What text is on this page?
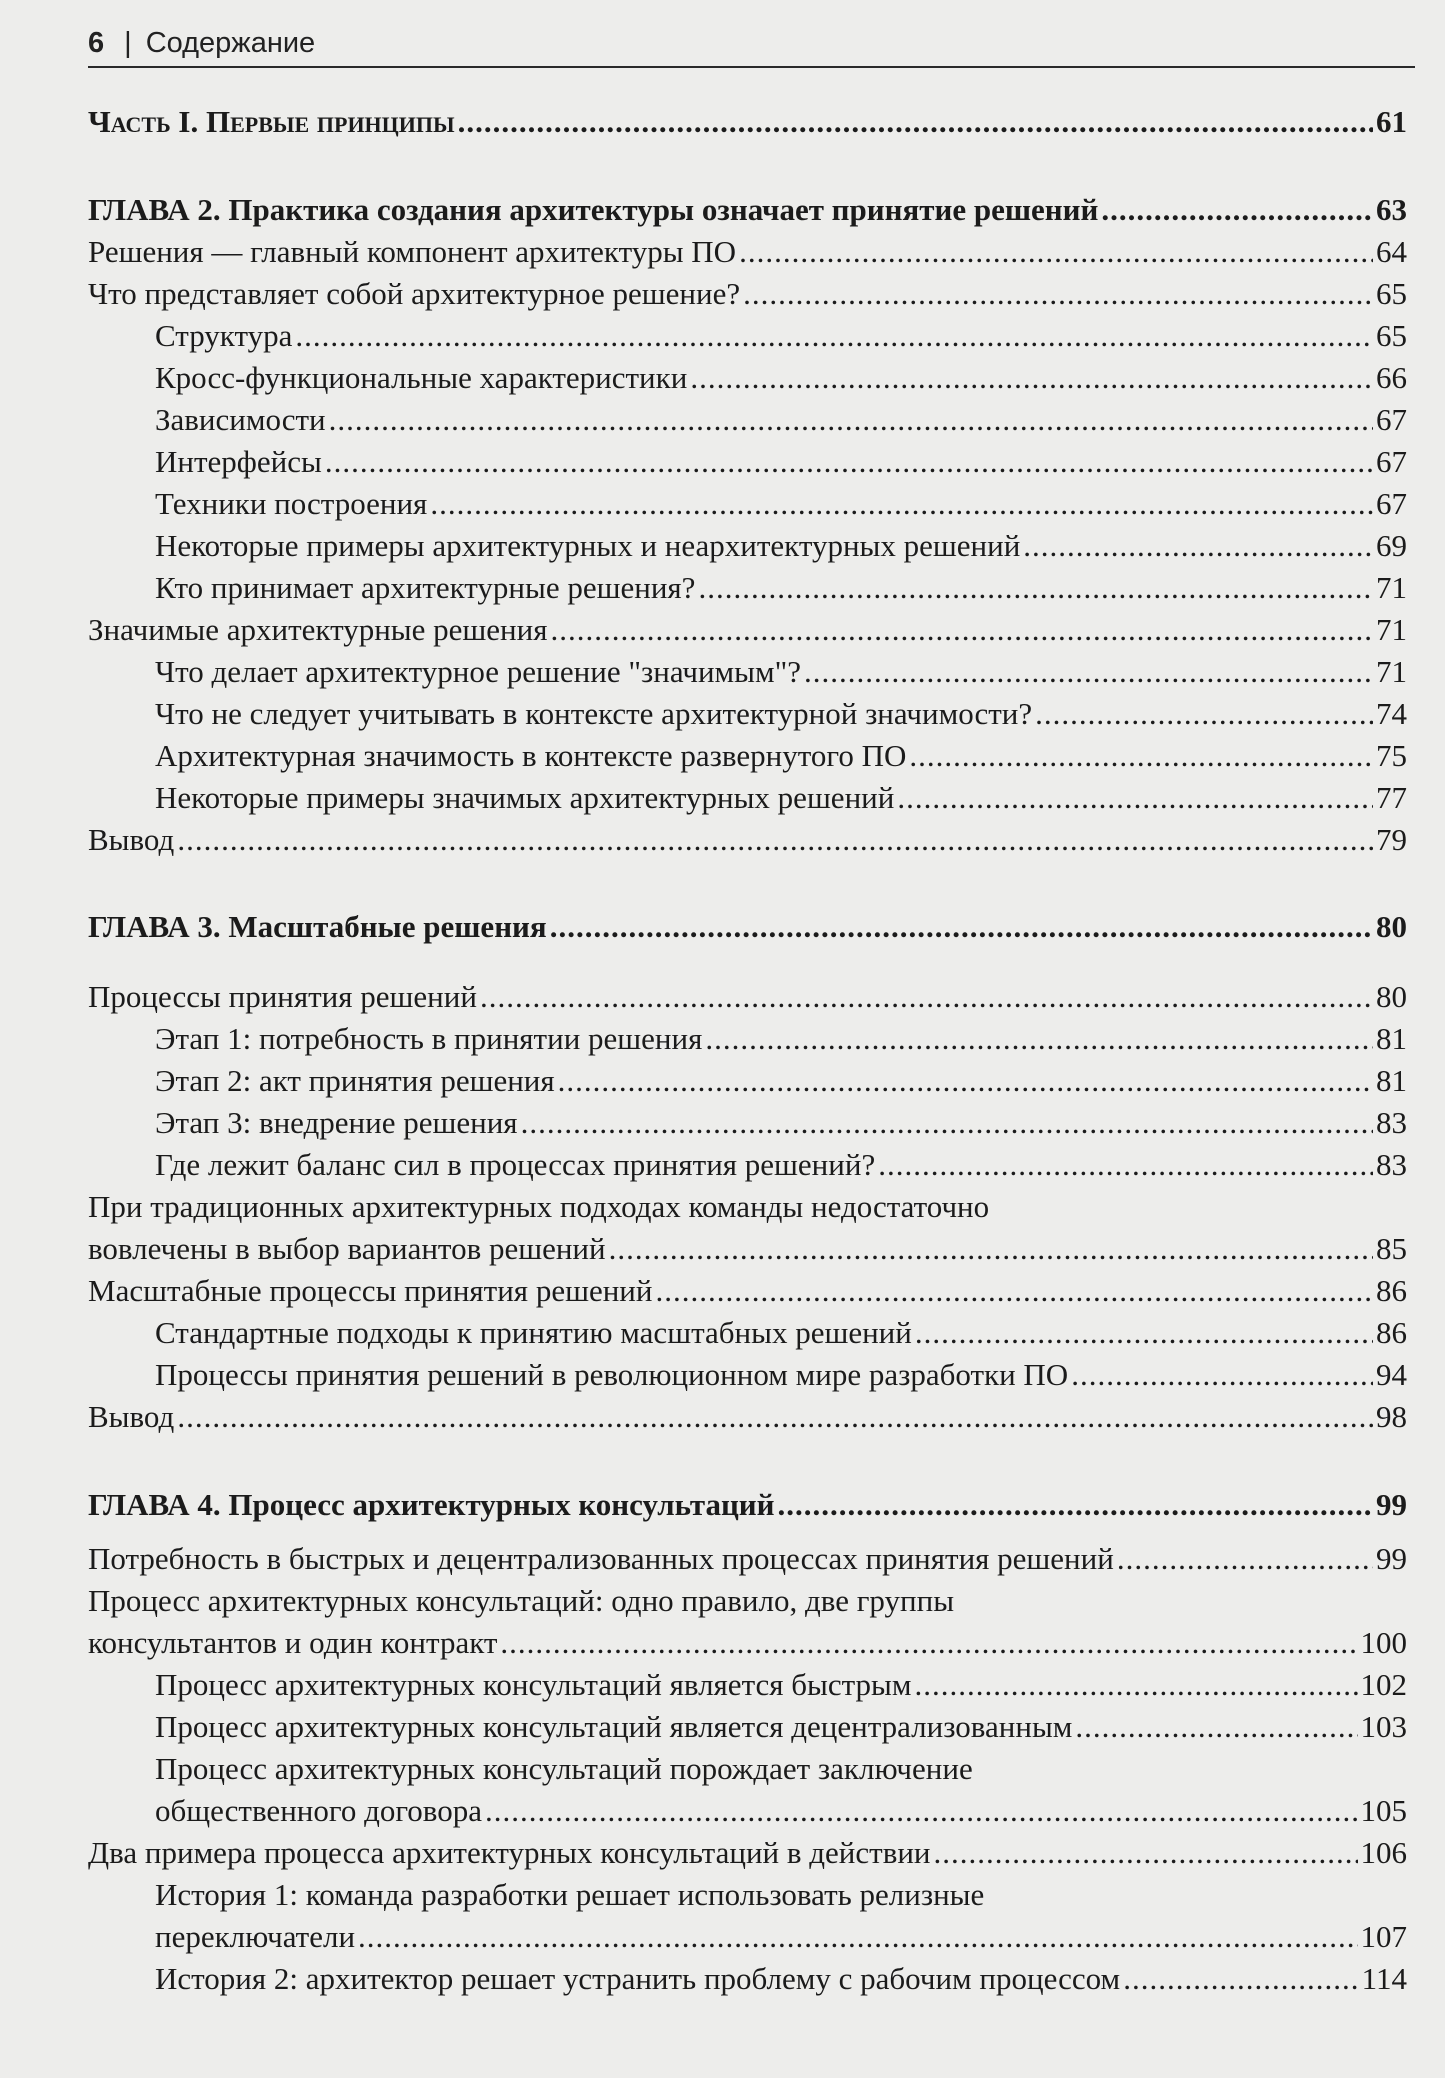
6 | Содержание
Часть I. Первые принципы .....	61
ГЛАВА 2. Практика создания архитектуры означает принятие решений .....	63
Решения — главный компонент архитектуры ПО .....	64
Что представляет собой архитектурное решение? .....	65
Структура .....	65
Кросс-функциональные характеристики .....	66
Зависимости .....	67
Интерфейсы .....	67
Техники построения .....	67
Некоторые примеры архитектурных и неархитектурных решений .....	69
Кто принимает архитектурные решения? .....	71
Значимые архитектурные решения .....	71
Что делает архитектурное решение "значимым"? .....	71
Что не следует учитывать в контексте архитектурной значимости? .....	74
Архитектурная значимость в контексте развернутого ПО .....	75
Некоторые примеры значимых архитектурных решений .....	77
Вывод .....	79
ГЛАВА 3. Масштабные решения .....	80
Процессы принятия решений .....	80
Этап 1: потребность в принятии решения .....	81
Этап 2: акт принятия решения .....	81
Этап 3: внедрение решения .....	83
Где лежит баланс сил в процессах принятия решений? .....	83
При традиционных архитектурных подходах команды недостаточно
вовлечены в выбор вариантов решений .....	85
Масштабные процессы принятия решений .....	86
Стандартные подходы к принятию масштабных решений .....	86
Процессы принятия решений в революционном мире разработки ПО .....	94
Вывод .....	98
ГЛАВА 4. Процесс архитектурных консультаций .....	99
Потребность в быстрых и децентрализованных процессах принятия решений .....	99
Процесс архитектурных консультаций: одно правило, две группы
консультантов и один контракт .....	100
Процесс архитектурных консультаций является быстрым .....	102
Процесс архитектурных консультаций является децентрализованным .....	103
Процесс архитектурных консультаций порождает заключение
общественного договора .....	105
Два примера процесса архитектурных консультаций в действии .....	106
История 1: команда разработки решает использовать релизные
переключатели .....	107
История 2: архитектор решает устранить проблему с рабочим процессом .....	114
